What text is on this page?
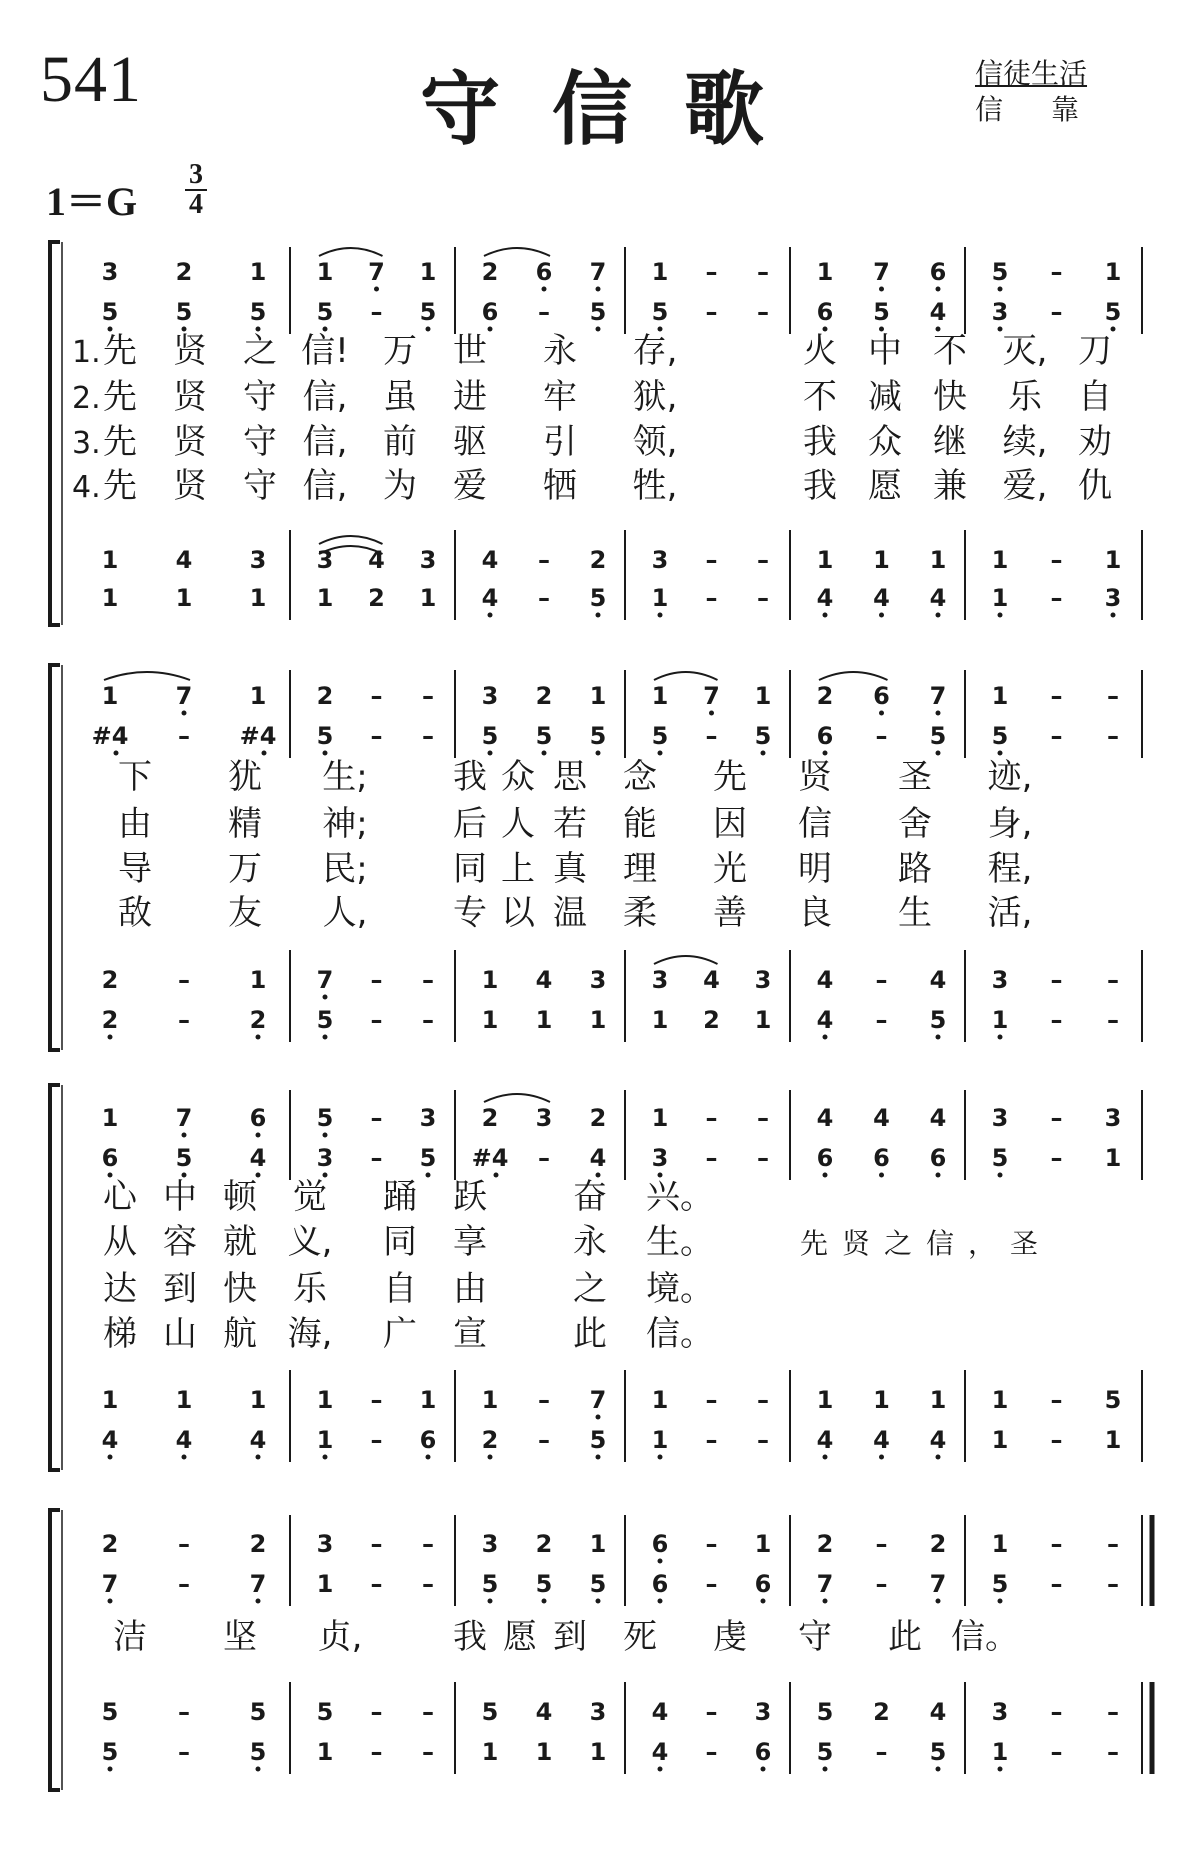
541	守信歌	信徒生活
信靠
1＝G
3
4
3 2 1 1 7 1 2 6 7 1 – – 1 7 6 5 – 1
5 5 5 5 – 5 6 – 5 5 – – 6 5 4 3 – 5
1 4 3 3 4 3 4 – 2 3 – – 1 1 1 1 – 1
1 1 1 1 2 1 4 – 5 1 – – 4 4 4 1 – 3
1. 先 贤 之 信! 万 世 永 存,	火 中 不 灭, 刀
2. 先 贤 守 信, 虽 进 牢 狱,	不 减 快 乐 自
3. 先 贤 守 信, 前 驱 引 领,	我 众 继 续, 劝
4. 先 贤 守 信, 为 爱 牺 牲,	我 愿 兼 爱, 仇
1 7 1 2 – – 3 2 1 1 7 1 2 6 7 1 – –
#4 – #4 5 – – 5 5 5 5 – 5 6 – 5 5 – –
2 – 1 7 – – 1 4 3 3 4 3 4 – 4 3 – –
2 – 2 5 – – 1 1 1 1 2 1 4 – 5 1 – –
下 犹 生;	我 众 思 念 先 贤 圣 迹,
由 精 神;	后 人 若 能 因 信 舍 身,
导 万 民;	同 上 真 理 光 明 路 程,
敌 友 人,	专 以 温 柔 善 良 生 活,
1 7 6 5 – 3 2 3 2 1 – – 4 4 4 3 – 3
6 5 4 3 – 5 #4 – 4 3 – – 6 6 6 5 – 1
1 1 1 1 – 1 1 – 7 1 – – 1 1 1 1 – 5
4 4 4 1 – 6 2 – 5 1 – – 4 4 4 1 – 1
心 中 顿 觉 踊 跃	奋 兴。
从 容 就 义, 同 享	永 生。
达 到 快 乐 自 由	之 境。
梯 山 航 海, 广 宣	此 信。
先贤之信，圣
2 – 2 3 – – 3 2 1 6 – 1 2 – 2 1 – –
7 – 7 1 – – 5 5 5 6 – 6 7 – 7 5 – –
5 – 5 5 – – 5 4 3 4 – 3 5 2 4 3 – –
5 – 5 1 – – 1 1 1 4 – 6 5 – 5 1 – –
洁 坚 贞,	我 愿 到 死 虔 守 此 信。
